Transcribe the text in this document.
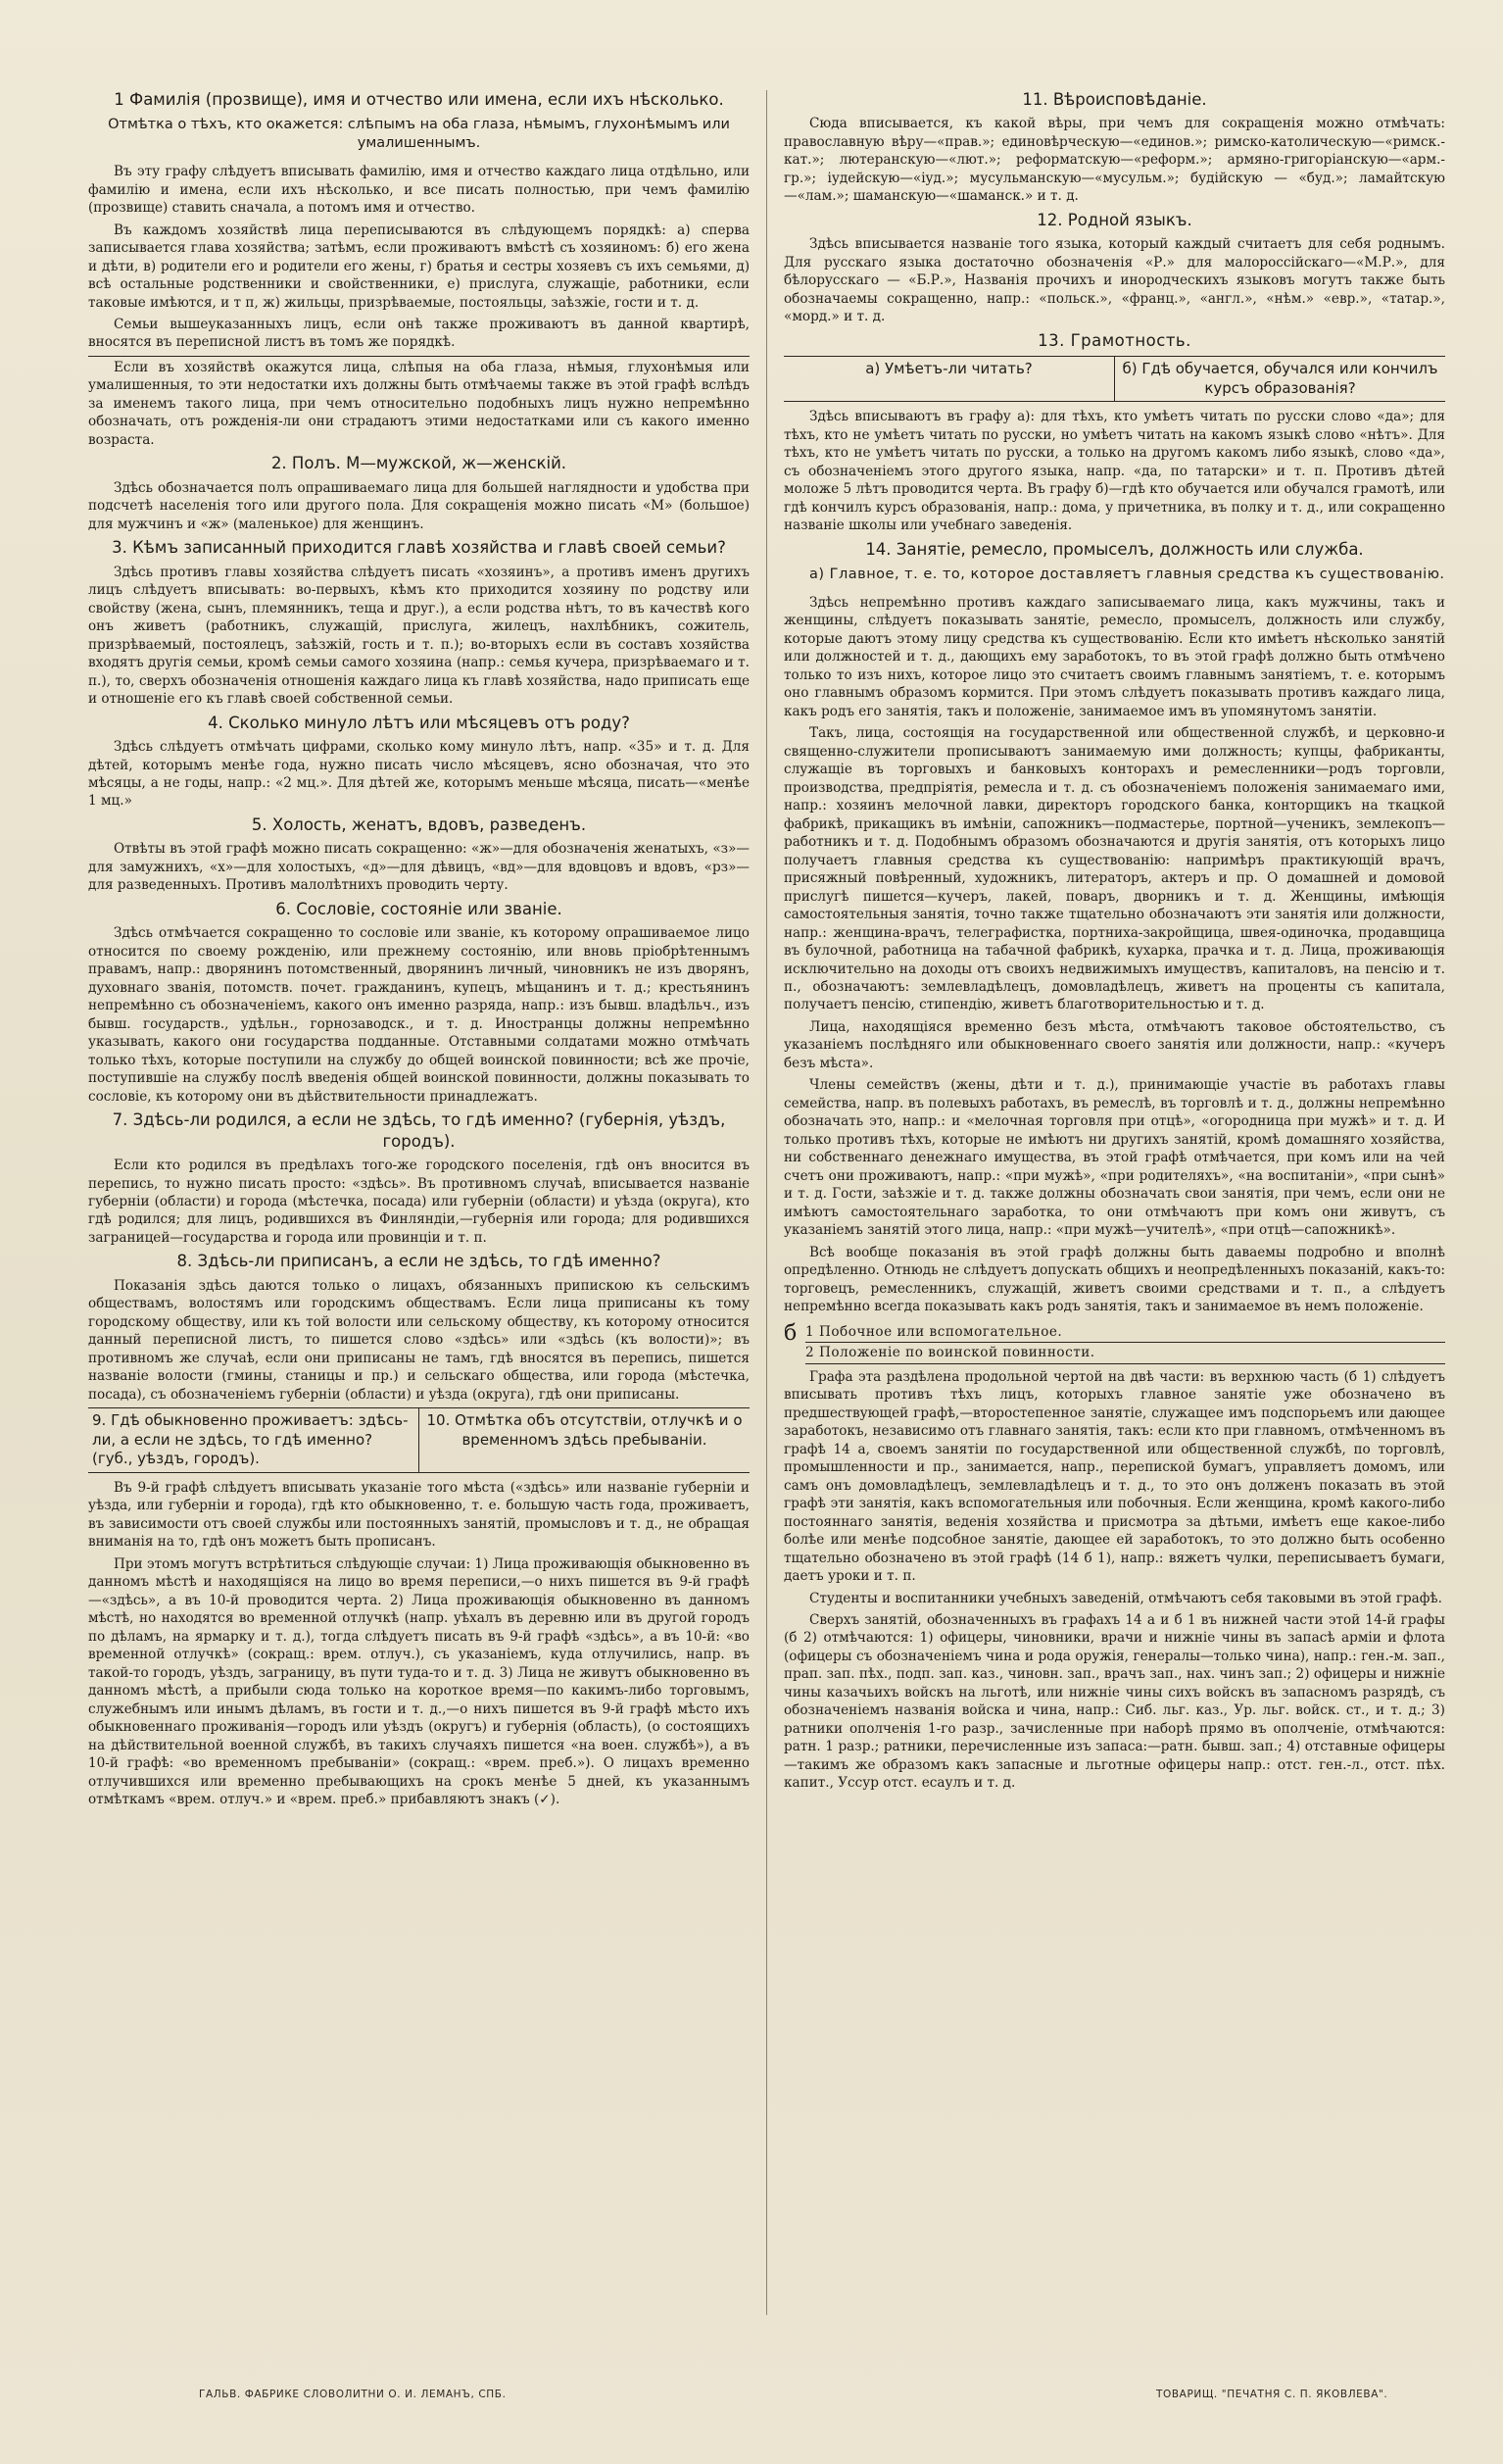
1 Фамилія (прозвище), имя и отчество или имена, если ихъ нѣсколько.
Отмѣтка о тѣхъ, кто окажется: слѣпымъ на оба глаза, нѣмымъ, глухонѣмымъ или умалишеннымъ.

Въ эту графу слѣдуетъ вписывать фамилію, имя и отчество каждаго лица отдѣльно, или фамилію и имена, если ихъ нѣсколько, и все писать полностью, при чемъ фамилію (прозвище) ставить сначала, а потомъ имя и отчество.

Въ каждомъ хозяйствѣ лица переписываются въ слѣдующемъ порядкѣ: а) сперва записывается глава хозяйства; затѣмъ, если проживаютъ вмѣстѣ съ хозяиномъ: б) его жена и дѣти, в) родители его и родители его жены, г) братья и сестры хозяевъ съ ихъ семьями, д) всѣ остальные родственники и свойственники, е) прислуга, служащіе, работники, если таковые имѣются, и т п, ж) жильцы, призрѣваемые, постояльцы, заѣзжіе, гости и т. д.

Семьи вышеуказанныхъ лицъ, если онѣ также проживаютъ въ данной квартирѣ, вносятся въ переписной листъ въ томъ же порядкѣ.

Если въ хозяйствѣ окажутся лица, слѣпыя на оба глаза, нѣмыя, глухонѣмыя или умалишенныя, то эти недостатки ихъ должны быть отмѣчаемы также въ этой графѣ вслѣдъ за именемъ такого лица, при чемъ относительно подобныхъ лицъ нужно непремѣнно обозначать, отъ рожденія-ли они страдаютъ этими недостатками или съ какого именно возраста.

2. Полъ. М—мужской, ж—женскій.

Здѣсь обозначается полъ опрашиваемаго лица для большей наглядности и удобства при подсчетѣ населенія того или другого пола. Для сокращенія можно писать «М» (большое) для мужчинъ и «ж» (маленькое) для женщинъ.

3. Кѣмъ записанный приходится главѣ хозяйства и главѣ своей семьи?

Здѣсь противъ главы хозяйства слѣдуетъ писать «хозяинъ», а противъ именъ другихъ лицъ слѣдуетъ вписывать: во-первыхъ, кѣмъ кто приходится хозяину по родству или свойству (жена, сынъ, племянникъ, теща и друг.), а если родства нѣтъ, то въ качествѣ кого онъ живетъ (работникъ, служащій, прислуга, жилецъ, нахлѣбникъ, сожитель, призрѣваемый, постоялецъ, заѣзжій, гость и т. п.); во-вторыхъ если въ составъ хозяйства входятъ другія семьи, кромѣ семьи самого хозяина (напр.: семья кучера, призрѣваемаго и т. п.), то, сверхъ обозначенія отношенія каждаго лица къ главѣ хозяйства, надо приписать еще и отношеніе его къ главѣ своей собственной семьи.

4. Сколько минуло лѣтъ или мѣсяцевъ отъ роду?

Здѣсь слѣдуетъ отмѣчать цифрами, сколько кому минуло лѣтъ, напр. «35» и т. д. Для дѣтей, которымъ менѣе года, нужно писать число мѣсяцевъ, ясно обозначая, что это мѣсяцы, а не годы, напр.: «2 мц.». Для дѣтей же, которымъ меньше мѣсяца, писать—«менѣе 1 мц.»

5. Холость, женатъ, вдовъ, разведенъ.

Отвѣты въ этой графѣ можно писать сокращенно: «ж»—для обозначенія женатыхъ, «з»—для замужнихъ, «х»—для холостыхъ, «д»—для дѣвицъ, «вд»—для вдовцовъ и вдовъ, «рз»—для разведенныхъ. Противъ малолѣтнихъ проводить черту.

6. Сословіе, состояніе или званіе.

Здѣсь отмѣчается сокращенно то сословіе или званіе, къ которому опрашиваемое лицо относится по своему рожденію, или прежнему состоянію, или вновь пріобрѣтеннымъ правамъ, напр.: дворянинъ потомственный, дворянинъ личный, чиновникъ не изъ дворянъ, духовнаго званія, потомств. почет. гражданинъ, купецъ, мѣщанинъ и т. д.; крестьянинъ непремѣнно съ обозначеніемъ, какого онъ именно разряда, напр.: изъ бывш. владѣльч., изъ бывш. государств., удѣльн., горнозаводск., и т. д. Иностранцы должны непремѣнно указывать, какого они государства подданные. Отставными солдатами можно отмѣчать только тѣхъ, которые поступили на службу до общей воинской повинности; всѣ же прочіе, поступившіе на службу послѣ введенія общей воинской повинности, должны показывать то сословіе, къ которому они въ дѣйствительности принадлежатъ.

7. Здѣсь-ли родился, а если не здѣсь, то гдѣ именно? (губернія, уѣздъ, городъ).

Если кто родился въ предѣлахъ того-же городского поселенія, гдѣ онъ вносится въ перепись, то нужно писать просто: «здѣсь». Въ противномъ случаѣ, вписывается названіе губерніи (области) и города (мѣстечка, посада) или губерніи (области) и уѣзда (округа), кто гдѣ родился; для лицъ, родившихся въ Финляндіи,—губернія или города; для родившихся заграницей—государства и города или провинціи и т. п.

8. Здѣсь-ли приписанъ, а если не здѣсь, то гдѣ именно?

Показанія здѣсь даются только о лицахъ, обязанныхъ припискою къ сельскимъ обществамъ, волостямъ или городскимъ обществамъ. Если лица приписаны къ тому городскому обществу, или къ той волости или сельскому обществу, къ которому относится данный переписной листъ, то пишется слово «здѣсь» или «здѣсь (къ волости)»; въ противномъ же случаѣ, если они приписаны не тамъ, гдѣ вносятся въ перепись, пишется названіе волости (гмины, станицы и пр.) и сельскаго общества, или города (мѣстечка, посада), съ обозначеніемъ губерніи (области) и уѣзда (округа), гдѣ они приписаны.

9. Гдѣ обыкновенно проживаетъ: здѣсь-ли, а если не здѣсь, то гдѣ именно? (губ., уѣздъ, городъ).
10. Отмѣтка объ отсутствіи, отлучкѣ и о временномъ здѣсь пребываніи.

Въ 9-й графѣ слѣдуетъ вписывать указаніе того мѣста («здѣсь» или названіе губерніи и уѣзда, или губерніи и города), гдѣ кто обыкновенно, т. е. большую часть года, проживаетъ, въ зависимости отъ своей службы или постоянныхъ занятій, промысловъ и т. д., не обращая вниманія на то, гдѣ онъ можетъ быть прописанъ.

При этомъ могутъ встрѣтиться слѣдующіе случаи: 1) Лица проживающія обыкновенно въ данномъ мѣстѣ и находящіяся на лицо во время переписи,—о нихъ пишется въ 9-й графѣ—«здѣсь», а въ 10-й проводится черта. 2) Лица проживающія обыкновенно въ данномъ мѣстѣ, но находятся во временной отлучкѣ (напр. уѣхалъ въ деревню или въ другой городъ по дѣламъ, на ярмарку и т. д.), тогда слѣдуетъ писать въ 9-й графѣ «здѣсь», а въ 10-й: «во временной отлучкѣ» (сокращ.: врем. отлуч.), съ указаніемъ, куда отлучились, напр. въ такой-то городъ, уѣздъ, заграницу, въ пути туда-то и т. д. 3) Лица не живутъ обыкновенно въ данномъ мѣстѣ, а прибыли сюда только на короткое время—по какимъ-либо торговымъ, служебнымъ или инымъ дѣламъ, въ гости и т. д.,—о нихъ пишется въ 9-й графѣ мѣсто ихъ обыкновеннаго проживанія—городъ или уѣздъ (округъ) и губернія (область), (о состоящихъ на дѣйствительной военной службѣ, въ такихъ случаяхъ пишется «на воен. службѣ»), а въ 10-й графѣ: «во временномъ пребываніи» (сокращ.: «врем. преб.»). О лицахъ временно отлучившихся или временно пребывающихъ на срокъ менѣе 5 дней, къ указаннымъ отмѣткамъ «врем. отлуч.» и «врем. преб.» прибавляютъ знакъ (✓).

11. Вѣроисповѣданіе.

Сюда вписывается, къ какой вѣры, при чемъ для сокращенія можно отмѣчать: православную вѣру—«прав.»; единовѣрческую—«единов.»; римско-католическую—«римск.-кат.»; лютеранскую—«лют.»; реформатскую—«реформ.»; армяно-григоріанскую—«арм.-гр.»; іудейскую—«іуд.»; мусульманскую—«мусульм.»; будійскую — «буд.»; ламайтскую—«лам.»; шаманскую—«шаманск.» и т. д.

12. Родной языкъ.

Здѣсь вписывается названіе того языка, который каждый считаетъ для себя роднымъ. Для русскаго языка достаточно обозначенія «Р.» для малороссійскаго—«М.Р.», для бѣлорусскаго — «Б.Р.», Названія прочихъ и инородческихъ языковъ могутъ также быть обозначаемы сокращенно, напр.: «польск.», «франц.», «англ.», «нѣм.» «евр.», «татар.», «морд.» и т. д.

13. Грамотность.
а) Умѣетъ-ли читать?	б) Гдѣ обучается, обучался или кончилъ курсъ образованія?

Здѣсь вписываютъ въ графу а): для тѣхъ, кто умѣетъ читать по русски слово «да»; для тѣхъ, кто не умѣетъ читать по русски, но умѣетъ читать на какомъ языкѣ слово «нѣтъ». Для тѣхъ, кто не умѣетъ читать по русски, а только на другомъ какомъ либо языкѣ, слово «да», съ обозначеніемъ этого другого языка, напр. «да, по татарски» и т. п. Противъ дѣтей моложе 5 лѣтъ проводится черта. Въ графу б)—гдѣ кто обучается или обучался грамотѣ, или гдѣ кончилъ курсъ образованія, напр.: дома, у причетника, въ полку и т. д., или сокращенно названіе школы или учебнаго заведенія.

14. Занятіе, ремесло, промыселъ, должность или служба.
а) Главное, т. е. то, которое доставляетъ главныя средства къ существованію.

Здѣсь непремѣнно противъ каждаго записываемаго лица, какъ мужчины, такъ и женщины, слѣдуетъ показывать занятіе, ремесло, промыселъ, должность или службу, которые даютъ этому лицу средства къ существованію. Если кто имѣетъ нѣсколько занятій или должностей и т. д., дающихъ ему заработокъ, то въ этой графѣ должно быть отмѣчено только то изъ нихъ, которое лицо это считаетъ своимъ главнымъ занятіемъ, т. е. которымъ оно главнымъ образомъ кормится. При этомъ слѣдуетъ показывать противъ каждаго лица, какъ родъ его занятія, такъ и положеніе, занимаемое имъ въ упомянутомъ занятіи.

Такъ, лица, состоящія на государственной или общественной службѣ, и церковно-и священно-служители прописываютъ занимаемую ими должность; купцы, фабриканты, служащіе въ торговыхъ и банковыхъ конторахъ и ремесленники—родъ торговли, производства, предпріятія, ремесла и т. д. съ обозначеніемъ положенія занимаемаго ими, напр.: хозяинъ мелочной лавки, директоръ городского банка, конторщикъ на ткацкой фабрикѣ, прикащикъ въ имѣніи, сапожникъ—подмастерье, портной—ученикъ, землекопъ—работникъ и т. д. Подобнымъ образомъ обозначаются и другія занятія, отъ которыхъ лицо получаетъ главныя средства къ существованію: напримѣръ практикующій врачъ, присяжный повѣренный, художникъ, литераторъ, актеръ и пр. О домашней и домовой прислугѣ пишется—кучеръ, лакей, поваръ, дворникъ и т. д. Женщины, имѣющія самостоятельныя занятія, точно также тщательно обозначаютъ эти занятія или должности, напр.: женщина-врачъ, телеграфистка, портниха-закройщица, швея-одиночка, продавщица въ булочной, работница на табачной фабрикѣ, кухарка, прачка и т. д. Лица, проживающія исключительно на доходы отъ своихъ недвижимыхъ имуществъ, капиталовъ, на пенсію и т. п., обозначаютъ: землевладѣлецъ, домовладѣлецъ, живетъ на проценты съ капитала, получаетъ пенсію, стипендію, живетъ благотворительностью и т. д.

Лица, находящіяся временно безъ мѣста, отмѣчаютъ таковое обстоятельство, съ указаніемъ послѣдняго или обыкновеннаго своего занятія или должности, напр.: «кучеръ безъ мѣста».

Члены семействъ (жены, дѣти и т. д.), принимающіе участіе въ работахъ главы семейства, напр. въ полевыхъ работахъ, въ ремеслѣ, въ торговлѣ и т. д., должны непремѣнно обозначать это, напр.: и «мелочная торговля при отцѣ», «огородница при мужѣ» и т. д. И только противъ тѣхъ, которые не имѣютъ ни другихъ занятій, кромѣ домашняго хозяйства, ни собственнаго денежнаго имущества, въ этой графѣ отмѣчается, при комъ или на чей счетъ они проживаютъ, напр.: «при мужѣ», «при родителяхъ», «на воспитаніи», «при сынѣ» и т. д. Гости, заѣзжіе и т. д. также должны обозначать свои занятія, при чемъ, если они не имѣютъ самостоятельнаго заработка, то они отмѣчаютъ при комъ они живутъ, съ указаніемъ занятій этого лица, напр.: «при мужѣ—учителѣ», «при отцѣ—сапожникѣ».

Всѣ вообще показанія въ этой графѣ должны быть даваемы подробно и вполнѣ опредѣленно. Отнюдь не слѣдуетъ допускать общихъ и неопредѣленныхъ показаній, какъ-то: торговецъ, ремесленникъ, служащій, живетъ своими средствами и т. п., а слѣдуетъ непремѣнно всегда показывать какъ родъ занятія, такъ и занимаемое въ немъ положеніе.

б 1 Побочное или вспомогательное.
2 Положеніе по воинской повинности.

Графа эта раздѣлена продольной чертой на двѣ части: въ верхнюю часть (б 1) слѣдуетъ вписывать противъ тѣхъ лицъ, которыхъ главное занятіе уже обозначено въ предшествующей графѣ,—второстепенное занятіе, служащее имъ подспорьемъ или дающее заработокъ, независимо отъ главнаго занятія, такъ: если кто при главномъ, отмѣченномъ въ графѣ 14 а, своемъ занятіи по государственной или общественной службѣ, по торговлѣ, промышленности и пр., занимается, напр., перепиской бумагъ, управляетъ домомъ, или самъ онъ домовладѣлецъ, землевладѣлецъ и т. д., то это онъ долженъ показать въ этой графѣ эти занятія, какъ вспомогательныя или побочныя. Если женщина, кромѣ какого-либо постояннаго занятія, веденія хозяйства и присмотра за дѣтьми, имѣетъ еще какое-либо болѣе или менѣе подсобное занятіе, дающее ей заработокъ, то это должно быть особенно тщательно обозначено въ этой графѣ (14 б 1), напр.: вяжетъ чулки, переписываетъ бумаги, даетъ уроки и т. п.

Студенты и воспитанники учебныхъ заведеній, отмѣчаютъ себя таковыми въ этой графѣ.

Сверхъ занятій, обозначенныхъ въ графахъ 14 а и б 1 въ нижней части этой 14-й графы (б 2) отмѣчаются: 1) офицеры, чиновники, врачи и нижніе чины въ запасѣ арміи и флота (офицеры съ обозначеніемъ чина и рода оружія, генералы—только чина), напр.: ген.-м. зап., прап. зап. пѣх., подп. зап. каз., чиновн. зап., врачъ зап., нах. чинъ зап.; 2) офицеры и нижніе чины казачьихъ войскъ на льготѣ, или нижніе чины сихъ войскъ въ запасномъ разрядѣ, съ обозначеніемъ названія войска и чина, напр.: Сиб. льг. каз., Ур. льг. войск. ст., и т. д.; 3) ратники ополченія 1-го разр., зачисленные при наборѣ прямо въ ополченіе, отмѣчаются: ратн. 1 разр.; ратники, перечисленные изъ запаса:—ратн. бывш. зап.; 4) отставные офицеры—такимъ же образомъ какъ запасные и льготные офицеры напр.: отст. ген.-л., отст. пѣх. капит., Уссур отст. есаулъ и т. д.

ГАЛЬВ. ФАБРИКЕ СЛОВОЛИТНИ О. И. ЛЕМАНЪ, СПБ.	ТОВАРИЩ. "ПЕЧАТНЯ С. П. ЯКОВЛЕВА".
